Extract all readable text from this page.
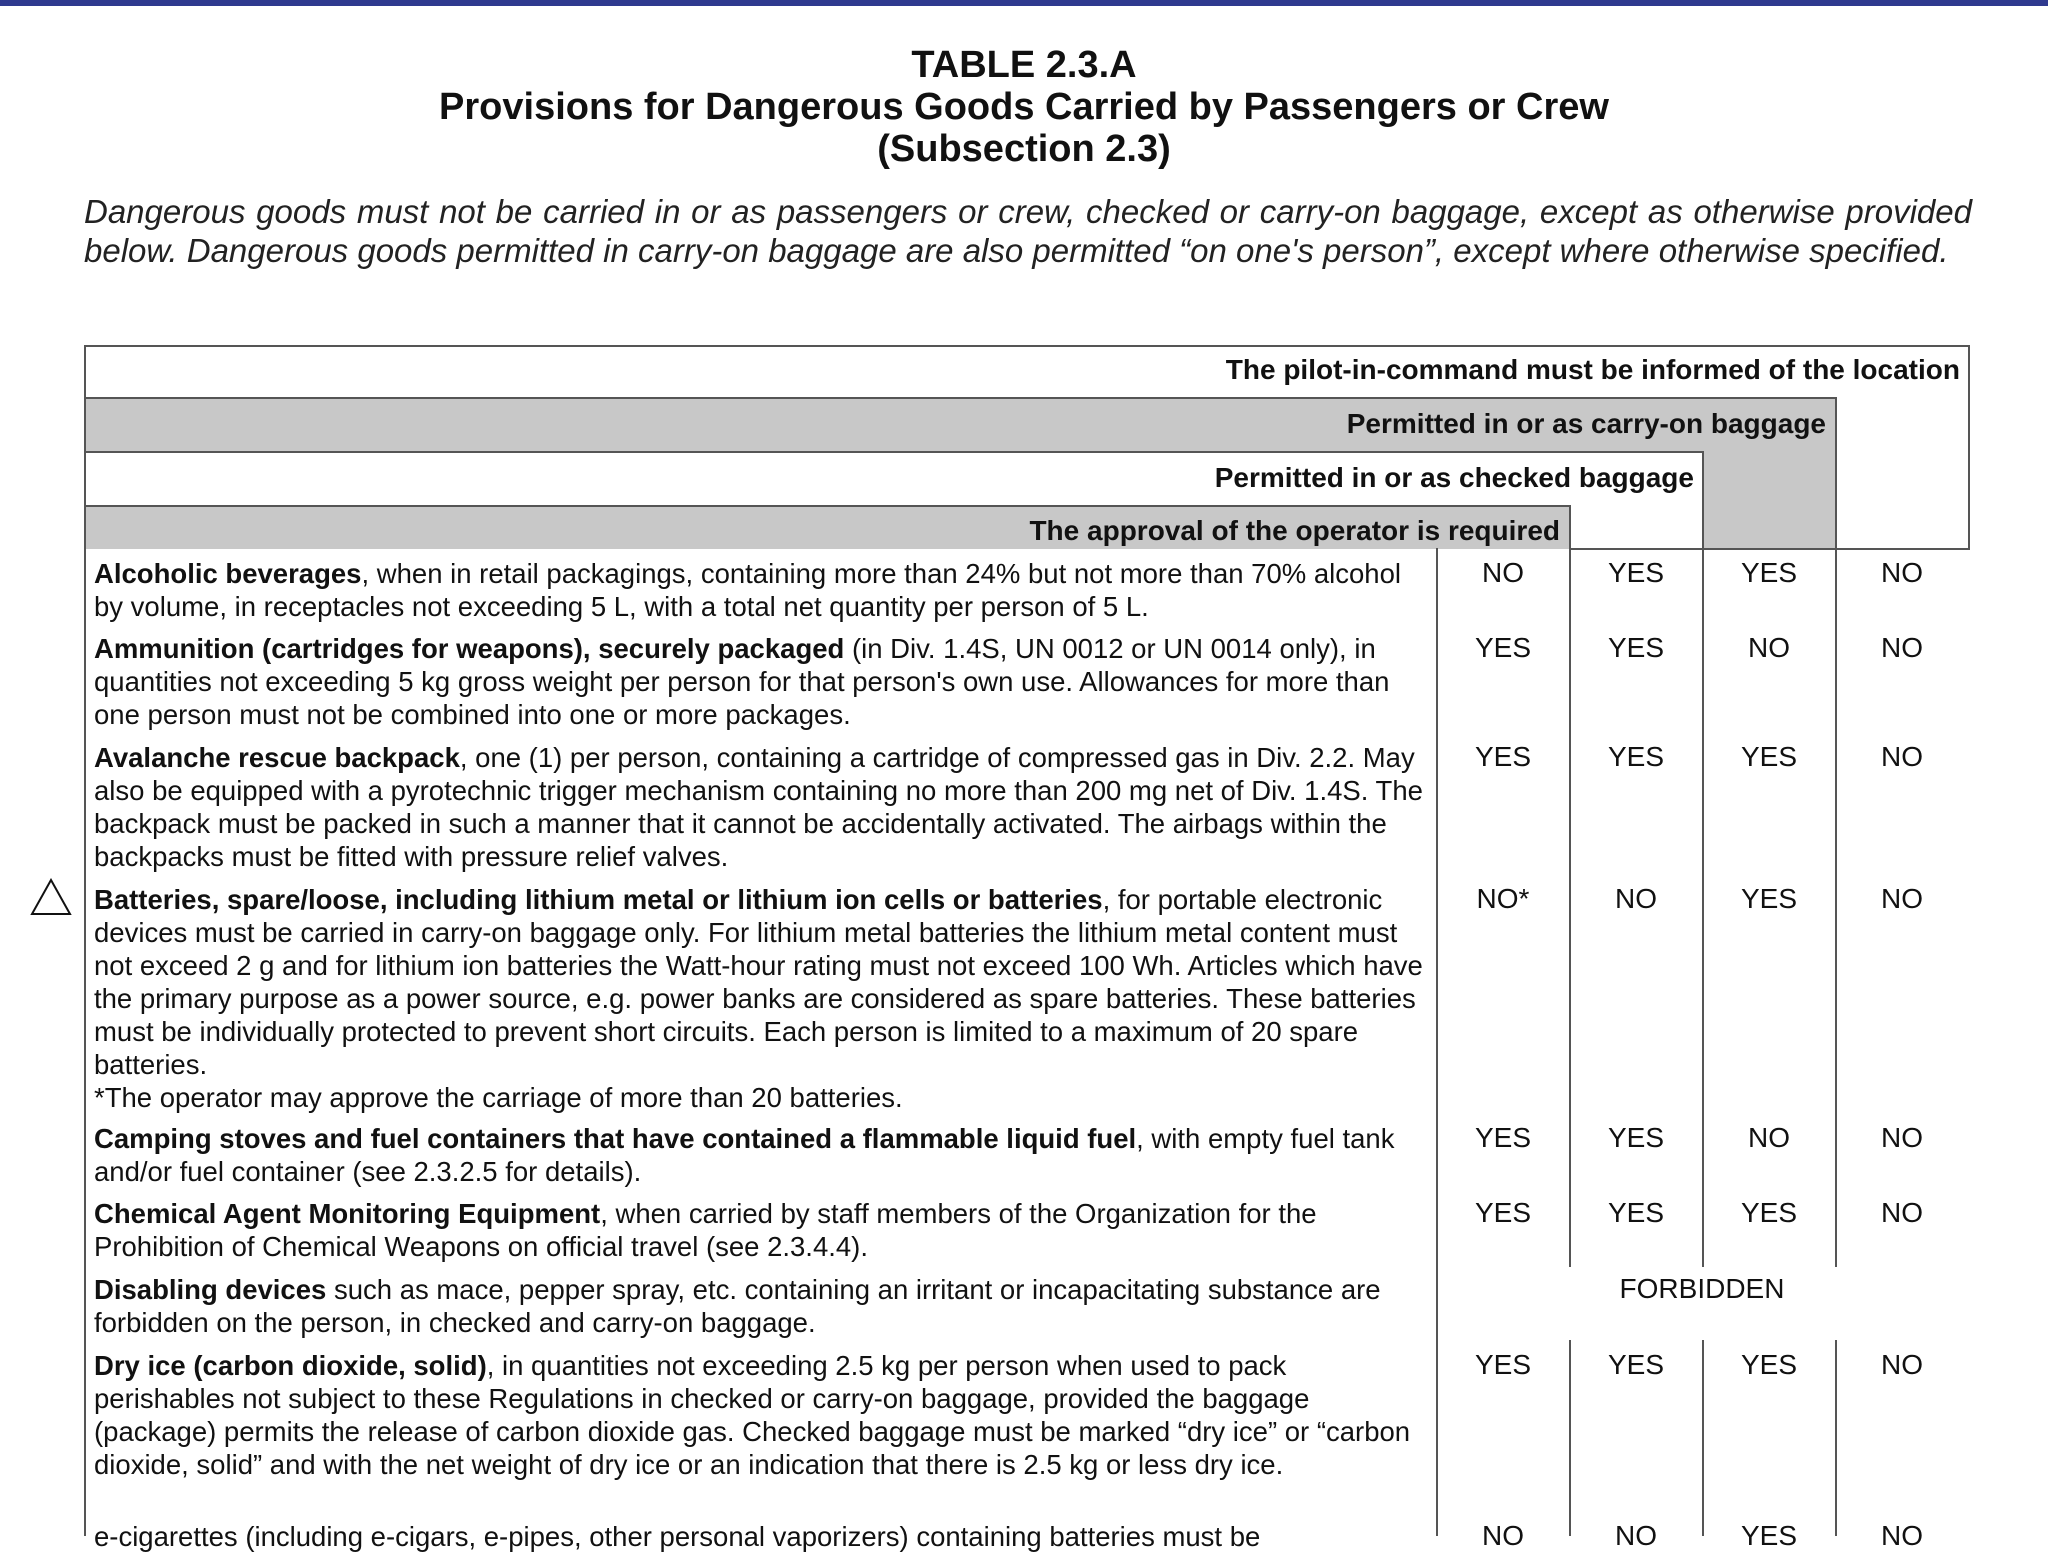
TABLE 2.3.A
Provisions for Dangerous Goods Carried by Passengers or Crew
(Subsection 2.3)
Dangerous goods must not be carried in or as passengers or crew, checked or carry-on baggage, except as otherwise provided below. Dangerous goods permitted in carry-on baggage are also permitted “on one's person”, except where otherwise specified.
The pilot-in-command must be informed of the location
Permitted in or as carry-on baggage
Permitted in or as checked baggage
The approval of the operator is required
Alcoholic beverages, when in retail packagings, containing more than 24% but not more than 70% alcohol by volume, in receptacles not exceeding 5 L, with a total net quantity per person of 5 L.
NO	YES	YES	NO
Ammunition (cartridges for weapons), securely packaged (in Div. 1.4S, UN 0012 or UN 0014 only), in quantities not exceeding 5 kg gross weight per person for that person's own use. Allowances for more than one person must not be combined into one or more packages.
YES	YES	NO	NO
Avalanche rescue backpack, one (1) per person, containing a cartridge of compressed gas in Div. 2.2. May also be equipped with a pyrotechnic trigger mechanism containing no more than 200 mg net of Div. 1.4S. The backpack must be packed in such a manner that it cannot be accidentally activated. The airbags within the backpacks must be fitted with pressure relief valves.
YES	YES	YES	NO
Batteries, spare/loose, including lithium metal or lithium ion cells or batteries, for portable electronic devices must be carried in carry-on baggage only. For lithium metal batteries the lithium metal content must not exceed 2 g and for lithium ion batteries the Watt-hour rating must not exceed 100 Wh. Articles which have the primary purpose as a power source, e.g. power banks are considered as spare batteries. These batteries must be individually protected to prevent short circuits. Each person is limited to a maximum of 20 spare batteries.
*The operator may approve the carriage of more than 20 batteries.
NO*	NO	YES	NO
Camping stoves and fuel containers that have contained a flammable liquid fuel, with empty fuel tank and/or fuel container (see 2.3.2.5 for details).
YES	YES	NO	NO
Chemical Agent Monitoring Equipment, when carried by staff members of the Organization for the Prohibition of Chemical Weapons on official travel (see 2.3.4.4).
YES	YES	YES	NO
Disabling devices such as mace, pepper spray, etc. containing an irritant or incapacitating substance are forbidden on the person, in checked and carry-on baggage.
FORBIDDEN
Dry ice (carbon dioxide, solid), in quantities not exceeding 2.5 kg per person when used to pack perishables not subject to these Regulations in checked or carry-on baggage, provided the baggage (package) permits the release of carbon dioxide gas. Checked baggage must be marked “dry ice” or “carbon dioxide, solid” and with the net weight of dry ice or an indication that there is 2.5 kg or less dry ice.
YES	YES	YES	NO
e-cigarettes (including e-cigars, e-pipes, other personal vaporizers) containing batteries must be	NO	NO	YES	NO
